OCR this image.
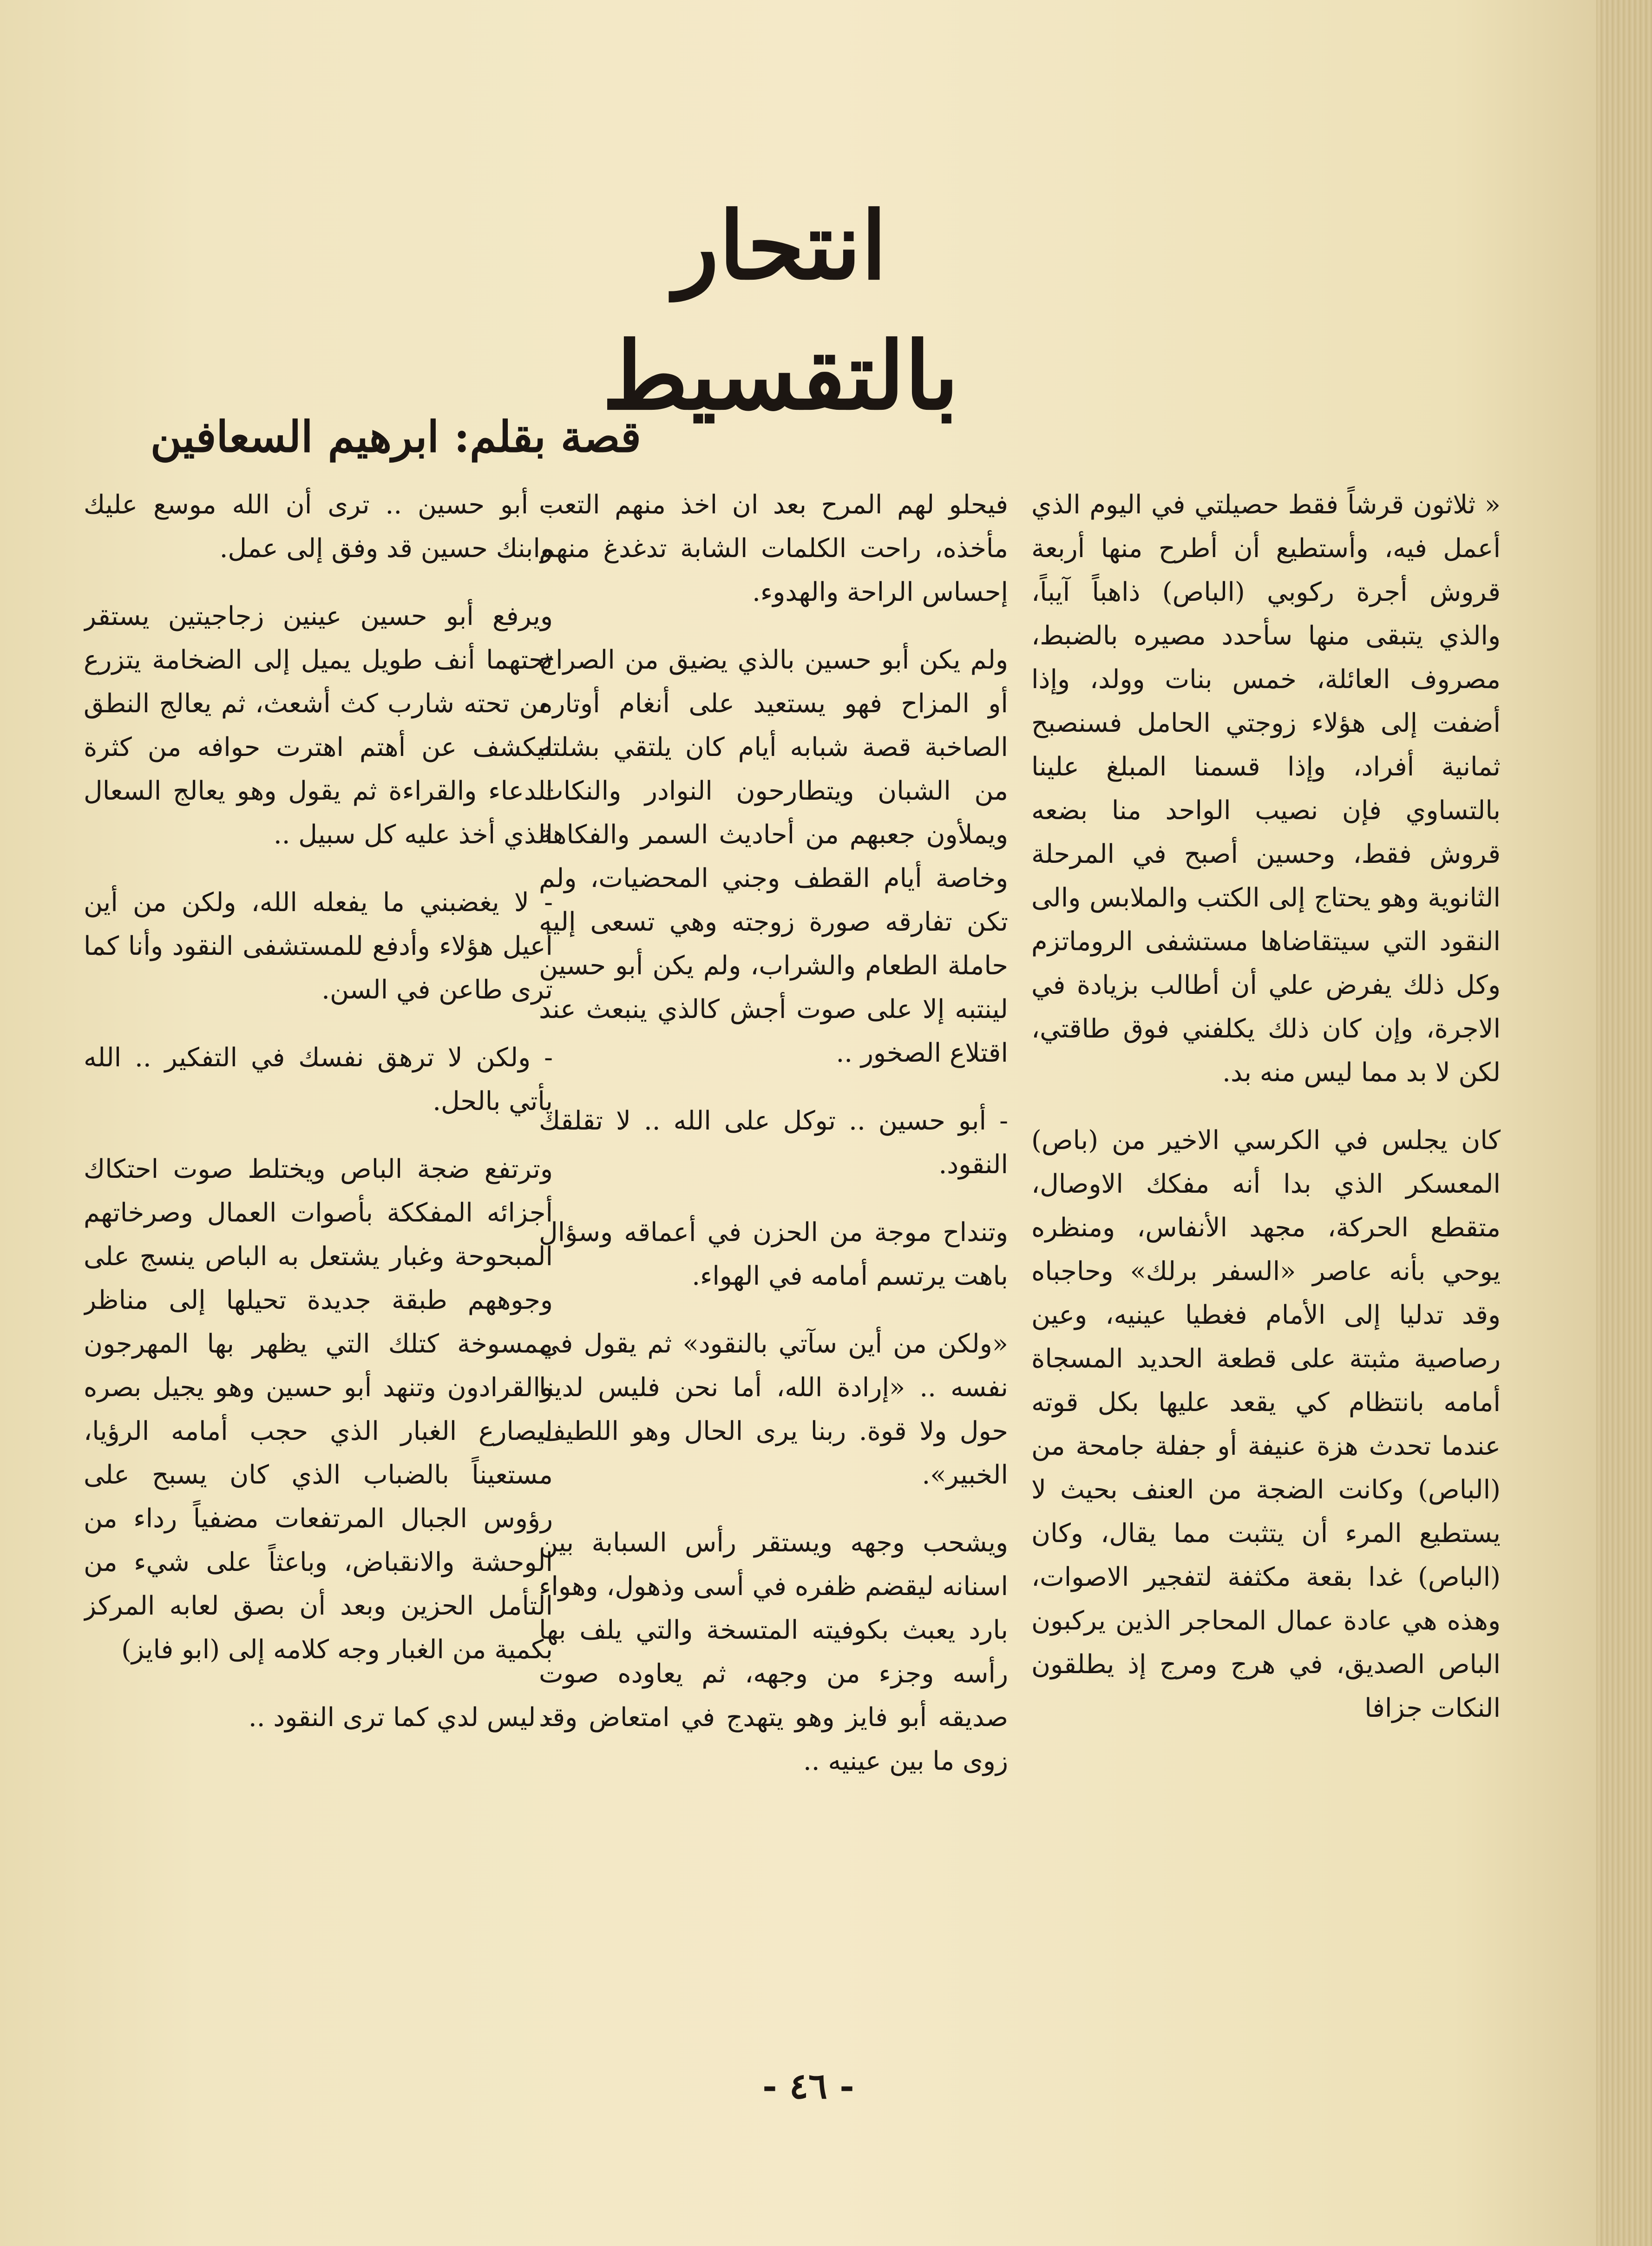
انتحار بالتقسيط
قصة بقلم: ابرهيم السعافين

« ثلاثون قرشاً فقط حصيلتي في اليوم الذي أعمل فيه، وأستطيع أن أطرح منها أربعة قروش أجرة ركوبي (الباص) ذاهباً آيباً، والذي يتبقى منها سأحدد مصيره بالضبط، مصروف العائلة، خمس بنات وولد، وإذا أضفت إلى هؤلاء زوجتي الحامل فسنصبح ثمانية أفراد، وإذا قسمنا المبلغ علينا بالتساوي فإن نصيب الواحد منا بضعه قروش فقط، وحسين أصبح في المرحلة الثانوية وهو يحتاج إلى الكتب والملابس والى النقود التي سيتقاضاها مستشفى الروماتزم وكل ذلك يفرض علي أن أطالب بزيادة في الاجرة، وإن كان ذلك يكلفني فوق طاقتي، لكن لا بد مما ليس منه بد.

كان يجلس في الكرسي الاخير من (باص) المعسكر الذي بدا أنه مفكك الاوصال، متقطع الحركة، مجهد الأنفاس، ومنظره يوحي بأنه عاصر «السفر برلك» وحاجباه وقد تدليا إلى الأمام فغطيا عينيه، وعين رصاصية مثبتة على قطعة الحديد المسجاة أمامه بانتظام كي يقعد عليها بكل قوته عندما تحدث هزة عنيفة أو جفلة جامحة من (الباص) وكانت الضجة من العنف بحيث لا يستطيع المرء أن يتثبت مما يقال، وكان (الباص) غدا بقعة مكثفة لتفجير الاصوات، وهذه هي عادة عمال المحاجر الذين يركبون الباص الصديق، في هرج ومرج إذ يطلقون النكات جزافا

فيحلو لهم المرح بعد ان اخذ منهم التعب مأخذه، راحت الكلمات الشابة تدغدغ منهم إحساس الراحة والهدوء.

ولم يكن أبو حسين بالذي يضيق من الصراخ أو المزاح فهو يستعيد على أنغام أوتاره الصاخبة قصة شبابه أيام كان يلتقي بشلته من الشبان ويتطارحون النوادر والنكات ويملأون جعبهم من أحاديث السمر والفكاهة وخاصة أيام القطف وجني المحضيات، ولم تكن تفارقه صورة زوجته وهي تسعى إليه حاملة الطعام والشراب، ولم يكن أبو حسين لينتبه إلا على صوت أجش كالذي ينبعث عند اقتلاع الصخور ..

- أبو حسين .. توكل على الله .. لا تقلقك النقود.

وتنداح موجة من الحزن في أعماقه وسؤال باهت يرتسم أمامه في الهواء.

«ولكن من أين سآتي بالنقود» ثم يقول في نفسه .. «إرادة الله، أما نحن فليس لدينا حول ولا قوة. ربنا يرى الحال وهو اللطيف الخبير».

ويشحب وجهه ويستقر رأس السبابة بين اسنانه ليقضم ظفره في أسى وذهول، وهواء بارد يعبث بكوفيته المتسخة والتي يلف بها رأسه وجزء من وجهه، ثم يعاوده صوت صديقه أبو فايز وهو يتهدج في امتعاض وقد زوى ما بين عينيه ..

- أبو حسين .. ترى أن الله موسع عليك وابنك حسين قد وفق إلى عمل.

ويرفع أبو حسين عينين زجاجيتين يستقر تحتهما أنف طويل يميل إلى الضخامة يتزرع من تحته شارب كث أشعث، ثم يعالج النطق ليكشف عن أهتم اهترت حوافه من كثرة الدعاء والقراءة ثم يقول وهو يعالج السعال الذي أخذ عليه كل سبيل ..

- لا يغضبني ما يفعله الله، ولكن من أين أعيل هؤلاء وأدفع للمستشفى النقود وأنا كما ترى طاعن في السن.

- ولكن لا ترهق نفسك في التفكير .. الله يأتي بالحل.

وترتفع ضجة الباص ويختلط صوت احتكاك أجزائه المفككة بأصوات العمال وصرخاتهم المبحوحة وغبار يشتعل به الباص ينسج على وجوههم طبقة جديدة تحيلها إلى مناظر ممسوخة كتلك التي يظهر بها المهرجون والقرادون وتنهد أبو حسين وهو يجيل بصره ليصارع الغبار الذي حجب أمامه الرؤيا، مستعيناً بالضباب الذي كان يسبح على رؤوس الجبال المرتفعات مضفياً رداء من الوحشة والانقباض، وباعثاً على شيء من التأمل الحزين وبعد أن بصق لعابه المركز بكمية من الغبار وجه كلامه إلى (ابو فايز)

- ليس لدي كما ترى النقود ..

- ٤٦ -
